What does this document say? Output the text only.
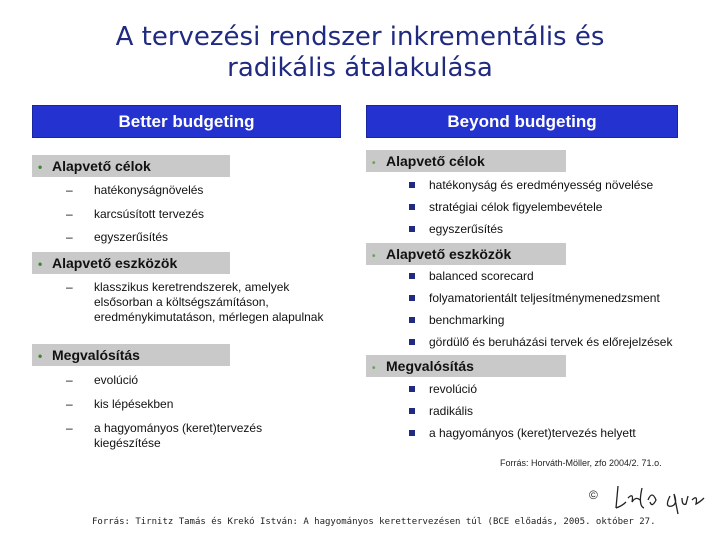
A tervezési rendszer inkrementális és
radikális átalakulása
Better budgeting
• Alapvető célok
– hatékonyságnövelés
– karcsúsított tervezés
– egyszerűsítés
• Alapvető eszközök
– klasszikus keretrendszerek, amelyek
elsősorban a költségszámításon,
eredménykimutatáson, mérlegen alapulnak
• Megvalósítás
– evolúció
– kis lépésekben
– a hagyományos (keret)tervezés
kiegészítése
Beyond budgeting
• Alapvető célok
hatékonyság és eredményesség növelése
stratégiai célok figyelembevétele
egyszerűsítés
• Alapvető eszközök
balanced scorecard
folyamatorientált teljesítménymenedzsment
benchmarking
gördülő és beruházási tervek és előrejelzések
• Megvalósítás
revolúció
radikális
a hagyományos (keret)tervezés helyett
Forrás: Horváth-Möller, zfo 2004/2. 71.o.
©
Forrás: Tirnitz Tamás és Krekó István: A hagyományos kerettervezésen túl (BCE előadás, 2005. október 27.
